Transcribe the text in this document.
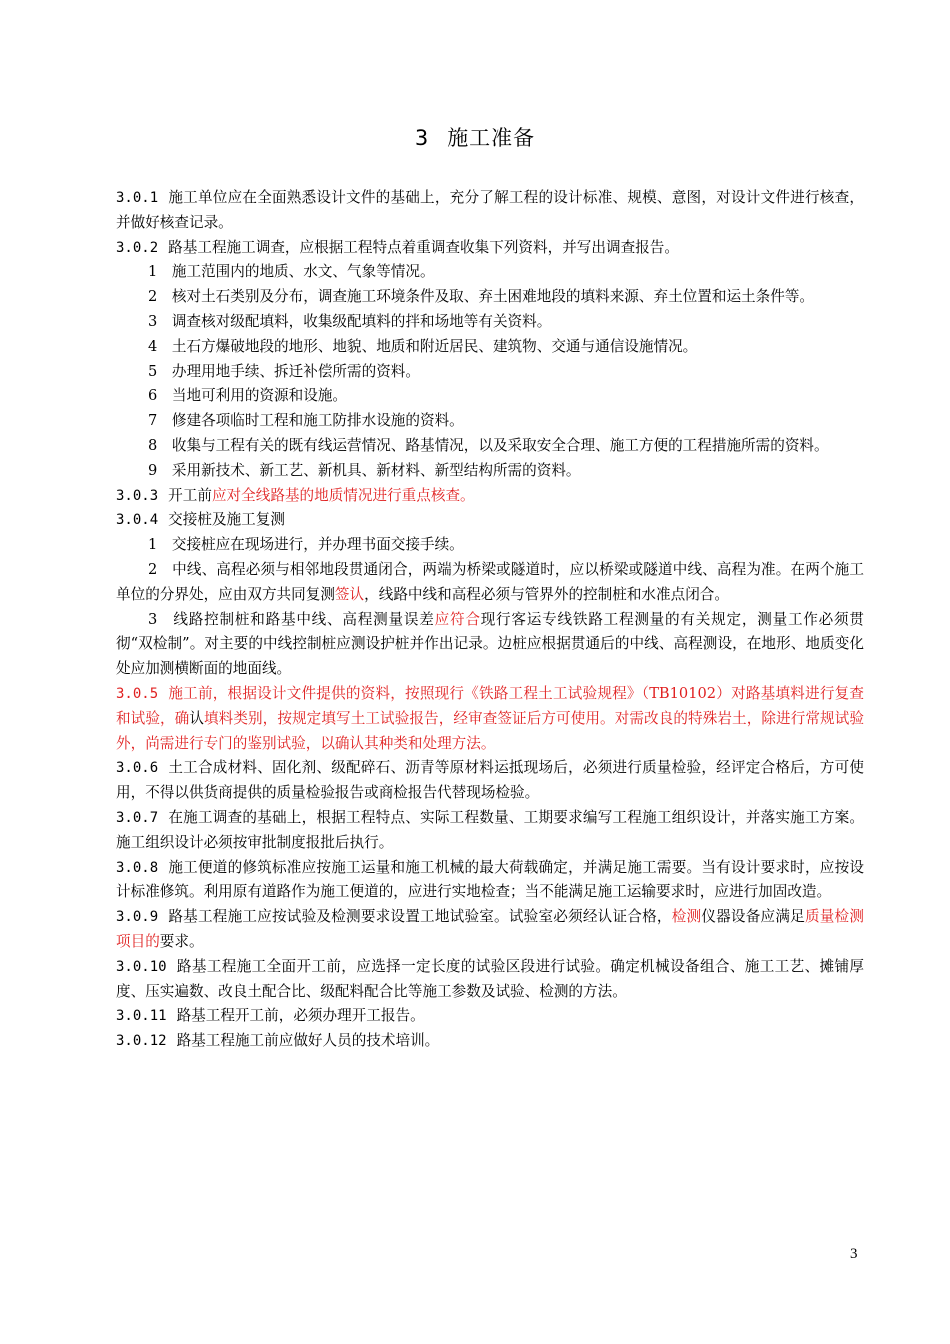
3 施工准备

3.0.1 施工单位应在全面熟悉设计文件的基础上，充分了解工程的设计标准、规模、意图，对设计文件进行核查，并做好核查记录。

3.0.2 路基工程施工调查，应根据工程特点着重调查收集下列资料，并写出调查报告。

1　施工范围内的地质、水文、气象等情况。

2　核对土石类别及分布，调查施工环境条件及取、弃土困难地段的填料来源、弃土位置和运土条件等。

3　调查核对级配填料，收集级配填料的拌和场地等有关资料。

4　土石方爆破地段的地形、地貌、地质和附近居民、建筑物、交通与通信设施情况。

5　办理用地手续、拆迁补偿所需的资料。

6　当地可利用的资源和设施。

7　修建各项临时工程和施工防排水设施的资料。

8　收集与工程有关的既有线运营情况、路基情况，以及采取安全合理、施工方便的工程措施所需的资料。

9　采用新技术、新工艺、新机具、新材料、新型结构所需的资料。

3.0.3 开工前应对全线路基的地质情况进行重点核查。

3.0.4 交接桩及施工复测

1　交接桩应在现场进行，并办理书面交接手续。

2　中线、高程必须与相邻地段贯通闭合，两端为桥梁或隧道时，应以桥梁或隧道中线、高程为准。在两个施工单位的分界处，应由双方共同复测签认，线路中线和高程必须与管界外的控制桩和水准点闭合。

3　线路控制桩和路基中线、高程测量误差应符合现行客运专线铁路工程测量的有关规定，测量工作必须贯彻“双检制”。对主要的中线控制桩应测设护桩并作出记录。边桩应根据贯通后的中线、高程测设，在地形、地质变化处应加测横断面的地面线。

3.0.5 施工前，根据设计文件提供的资料，按照现行《铁路工程土工试验规程》（TB10102）对路基填料进行复查和试验，确认填料类别，按规定填写土工试验报告，经审查签证后方可使用。对需改良的特殊岩土，除进行常规试验外，尚需进行专门的鉴别试验，以确认其种类和处理方法。

3.0.6 土工合成材料、固化剂、级配碎石、沥青等原材料运抵现场后，必须进行质量检验，经评定合格后，方可使用，不得以供货商提供的质量检验报告或商检报告代替现场检验。

3.0.7 在施工调查的基础上，根据工程特点、实际工程数量、工期要求编写工程施工组织设计，并落实施工方案。施工组织设计必须按审批制度报批后执行。

3.0.8 施工便道的修筑标准应按施工运量和施工机械的最大荷载确定，并满足施工需要。当有设计要求时，应按设计标准修筑。利用原有道路作为施工便道的，应进行实地检查；当不能满足施工运输要求时，应进行加固改造。

3.0.9 路基工程施工应按试验及检测要求设置工地试验室。试验室必须经认证合格，检测仪器设备应满足质量检测项目的要求。

3.0.10 路基工程施工全面开工前，应选择一定长度的试验区段进行试验。确定机械设备组合、施工工艺、摊铺厚度、压实遍数、改良土配合比、级配料配合比等施工参数及试验、检测的方法。

3.0.11 路基工程开工前，必须办理开工报告。

3.0.12 路基工程施工前应做好人员的技术培训。

3
